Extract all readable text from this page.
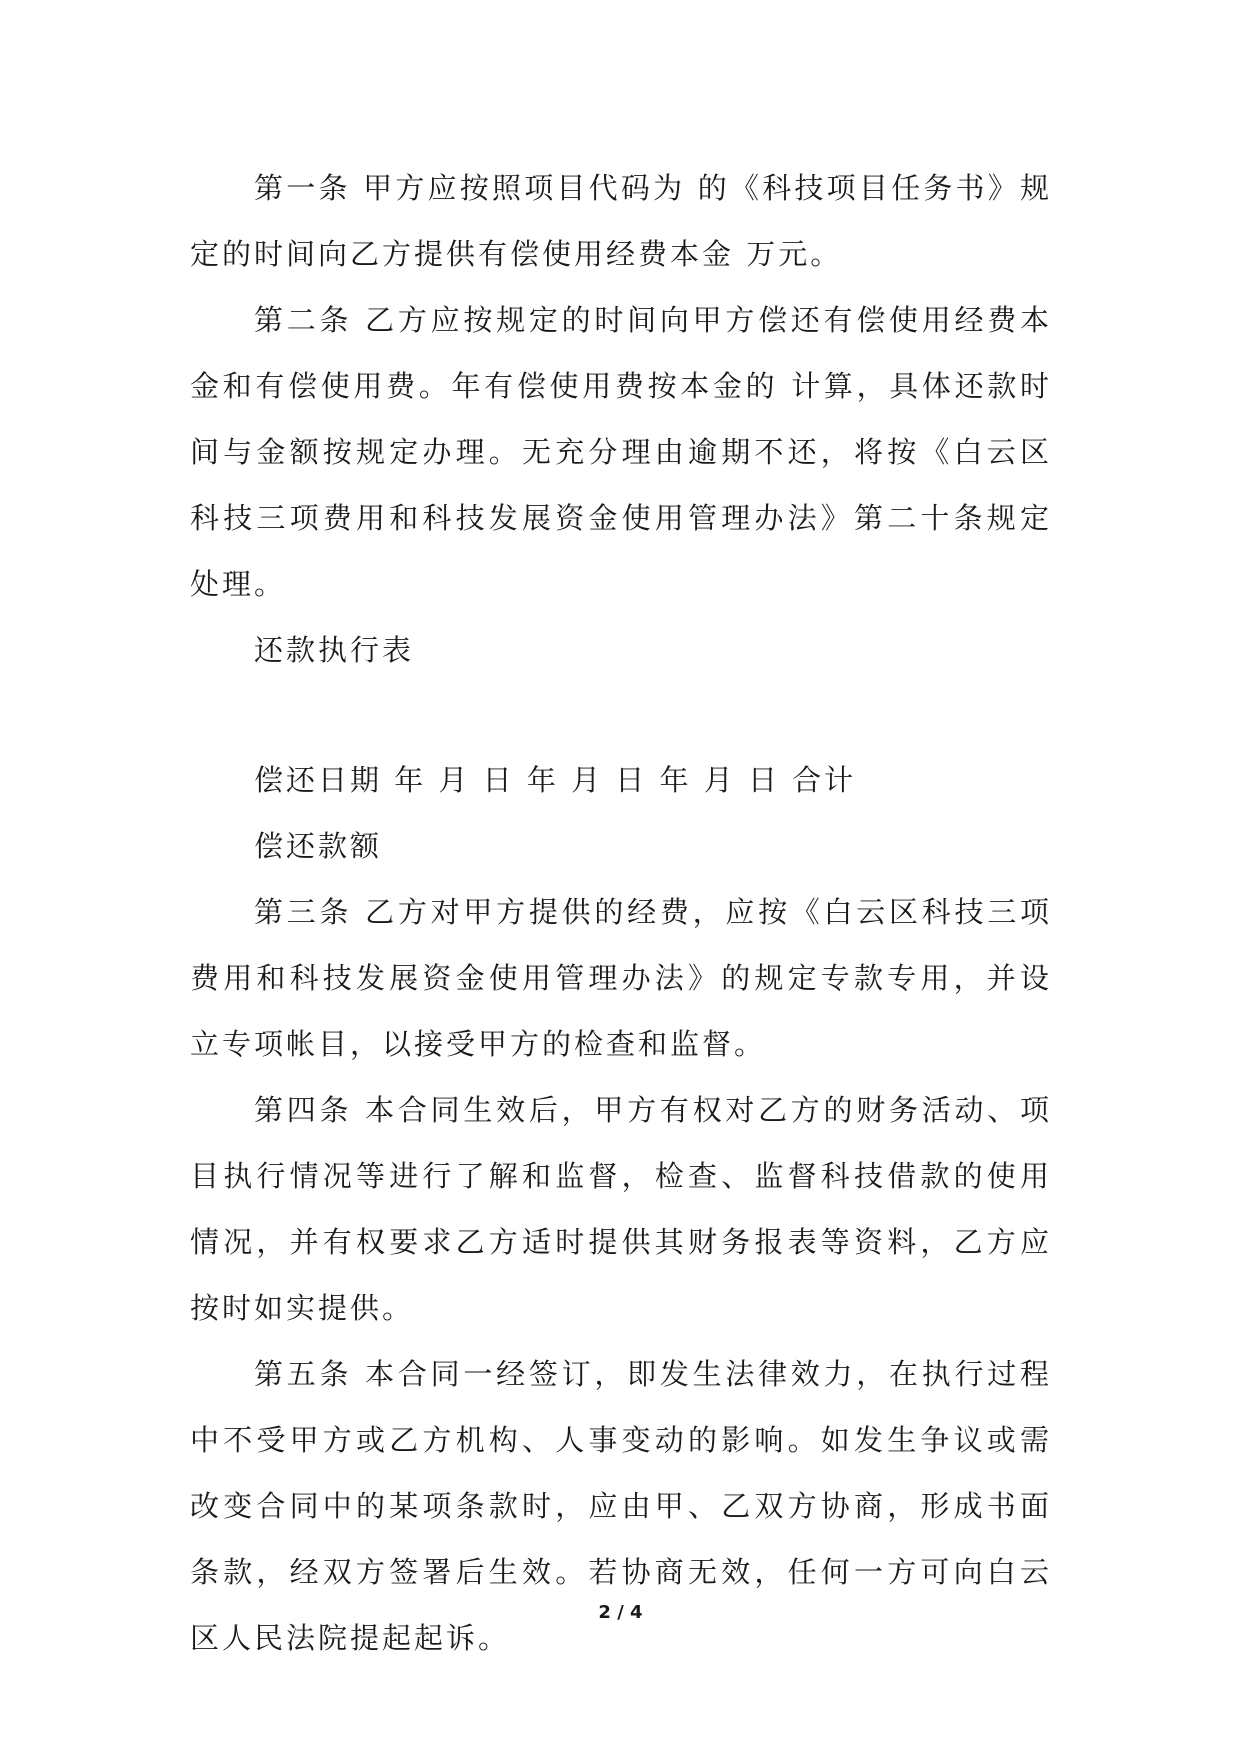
第一条 甲方应按照项目代码为 的《科技项目任务书》规定的时间向乙方提供有偿使用经费本金 万元。

第二条 乙方应按规定的时间向甲方偿还有偿使用经费本金和有偿使用费。年有偿使用费按本金的 计算，具体还款时间与金额按规定办理。无充分理由逾期不还，将按《白云区科技三项费用和科技发展资金使用管理办法》第二十条规定处理。

还款执行表

偿还日期 年 月 日 年 月 日 年 月 日 合计

偿还款额

第三条 乙方对甲方提供的经费，应按《白云区科技三项费用和科技发展资金使用管理办法》的规定专款专用，并设立专项帐目，以接受甲方的检查和监督。

第四条 本合同生效后，甲方有权对乙方的财务活动、项目执行情况等进行了解和监督，检查、监督科技借款的使用情况，并有权要求乙方适时提供其财务报表等资料，乙方应按时如实提供。

第五条 本合同一经签订，即发生法律效力，在执行过程中不受甲方或乙方机构、人事变动的影响。如发生争议或需改变合同中的某项条款时，应由甲、乙双方协商，形成书面条款，经双方签署后生效。若协商无效，任何一方可向白云区人民法院提起起诉。

2 / 4
